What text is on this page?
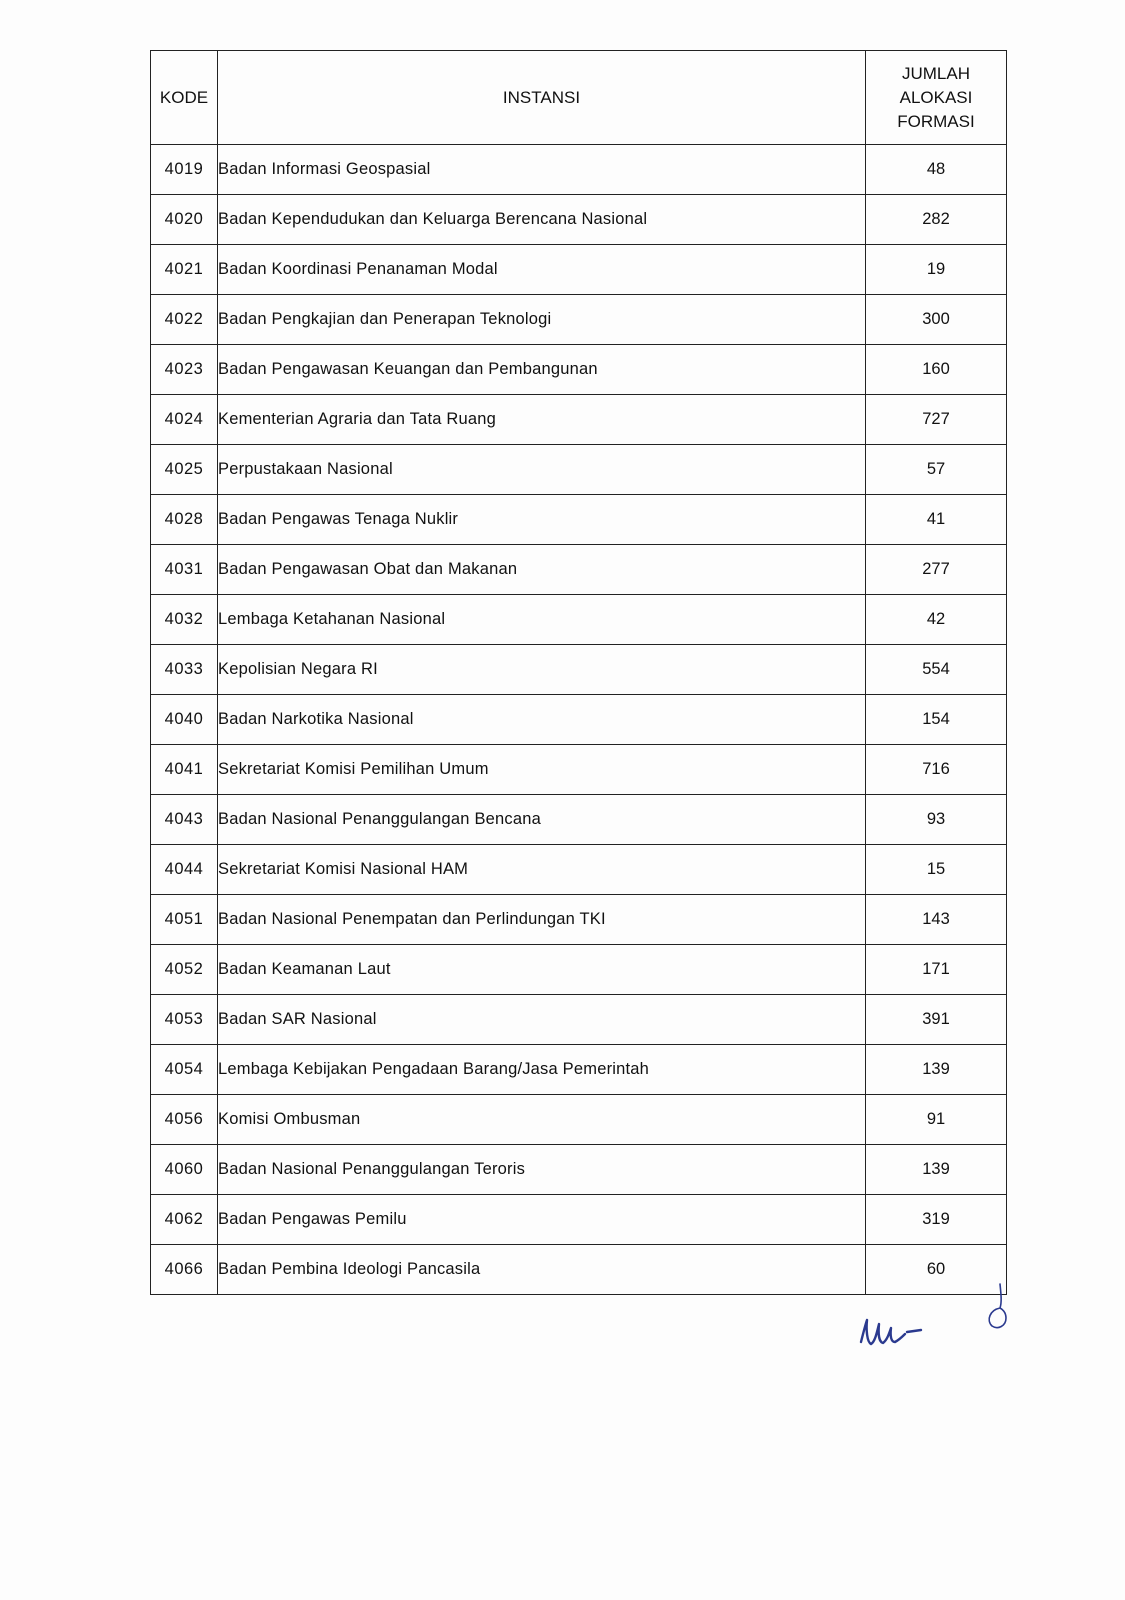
KODE	INSTANSI	JUMLAH
ALOKASI
FORMASI

4019	Badan Informasi Geospasial	48
4020	Badan Kependudukan dan Keluarga Berencana Nasional	282
4021	Badan Koordinasi Penanaman Modal	19
4022	Badan Pengkajian dan Penerapan Teknologi	300
4023	Badan Pengawasan Keuangan dan Pembangunan	160
4024	Kementerian Agraria dan Tata Ruang	727
4025	Perpustakaan Nasional	57
4028	Badan Pengawas Tenaga Nuklir	41
4031	Badan Pengawasan Obat dan Makanan	277
4032	Lembaga Ketahanan Nasional	42
4033	Kepolisian Negara RI	554
4040	Badan Narkotika Nasional	154
4041	Sekretariat Komisi Pemilihan Umum	716
4043	Badan Nasional Penanggulangan Bencana	93
4044	Sekretariat Komisi Nasional HAM	15
4051	Badan Nasional Penempatan dan Perlindungan TKI	143
4052	Badan Keamanan Laut	171
4053	Badan SAR Nasional	391
4054	Lembaga Kebijakan Pengadaan Barang/Jasa Pemerintah	139
4056	Komisi Ombusman	91
4060	Badan Nasional Penanggulangan Teroris	139
4062	Badan Pengawas Pemilu	319
4066	Badan Pembina Ideologi Pancasila	60
